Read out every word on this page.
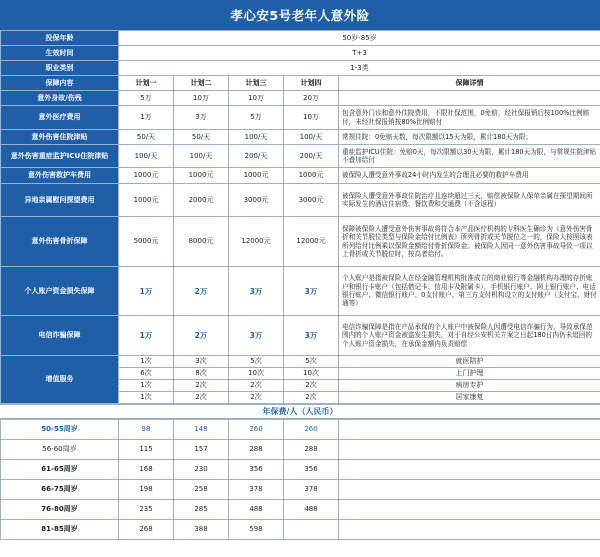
孝心安5号老年人意外险
投保年龄	50岁-85岁				
生效时间	T+3				
职业类别	1-3类				
保障内容	计划一	计划二	计划三	计划四	保障详情
意外身故/伤残	5万	10万	10万	20万	
意外医疗费用	1万	3万	5万	10万	包含意外门诊和意外住院费用，不限社保范围，0免赔，经社保报销后按100%比例赔付，未经社保报销按80%比例赔付
意外伤害住院津贴	50/天	50/天	100/天	100/天	常规住院：0免赔天数，每次限额以15天为限，累计180天为限；
意外伤害重症监护ICU住院津贴	100/天	100/天	200/天	200/天	重症监护ICU住院：免赔0天，每次限额以30天为限，累计180天为限，与常规住院津贴不叠加给付
意外伤害救护车费用	1000元	1000元	1000元	1000元	被保险人遭受意外事故24小时内发生的合理且必要的救护车费用
异地亲属慰问探望费用	1000元	2000元	3000元	3000元	被保险人遭受意外事故住院治疗且连续超过三天，赔偿被保险人保单亲属在探望期间所实际发生的酒店住宿费、餐饮费和交通费（不含返程）
意外伤害骨折保障	5000元	8000元	12000元	12000元	保障被保险人遭受意外伤害事故将符合本产品医疗机构的专科医生确诊为《意外伤害骨折和关节脱位类型与保险金给付比例表》所列骨折或关节脱位之一的，保险人按照该表所列给付比例乘以保险金额给付骨折保险金。被保险人因同一意外伤害事故导致一项以上骨折或关节脱位时，按高者给付。
个人账户资金损失保障	1万	2万	3万	3万	个人账户是指被保险人在经金融管理机构批准成立的商业银行等金融机构办理的存折账户和银行卡账户（包括借记卡、信用卡及附属卡），手机银行账户、网上银行账户、电话银行账户、微信银行账户、0支付账户、第三方支付机构设立的支付账户（支付宝、财付通等）
电信诈骗保障	1万	2万	3万	3万	电信诈骗保障是指在产品承保的个人账户中被保险人因遭受电信诈骗行为，导致承保范围内的个人账户资金被盗发生损失，对于自经公安机关立案之日起180日内仍未追回的个人账户资金损失，在承保金额内负责赔偿
增值服务	1次	3次	5次	5次	就医陪护
	6次	8次	10次	10次	上门护理
	1次	2次	2次	2次	病房专护
	1次	2次	2次	2次	居家康复
年保费/人（人民币）
50-55周岁	98	148	260	260	
56-60周岁	115	157	288	288	
61-65周岁	168	230	356	356	
66-75周岁	198	258	378	378	
76-80周岁	235	285	488	488	
81-85周岁	268	388	598		
